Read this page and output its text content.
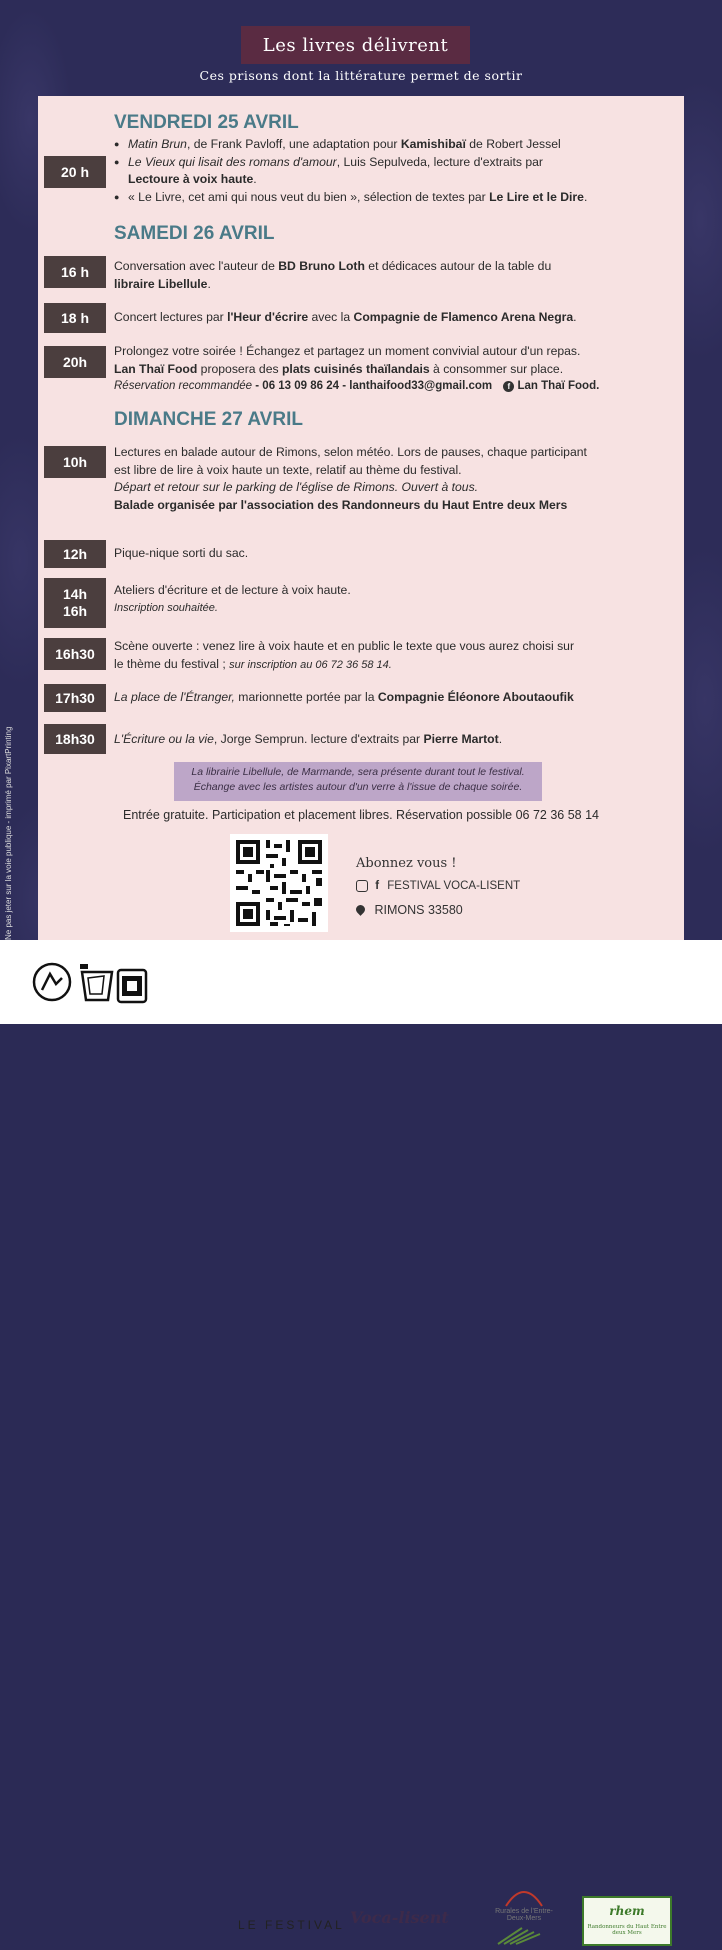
Les livres délivrent
Ces prisons dont la littérature permet de sortir
VENDREDI 25 AVRIL
20 h
● Matin Brun, de Frank Pavloff, une adaptation pour Kamishibaï de Robert Jessel
● Le Vieux qui lisait des romans d'amour, Luis Sepulveda, lecture d'extraits par
Lectoure à voix haute.
● « Le Livre, cet ami qui nous veut du bien », sélection de textes par Le Lire et le Dire.
SAMEDI 26 AVRIL
16 h Conversation avec l'auteur de BD Bruno Loth et dédicaces autour de la table du
libraire Libellule.
18 h Concert lectures par l'Heur d'écrire avec la Compagnie de Flamenco Arena Negra.
20h
Prolongez votre soirée ! Échangez et partagez un moment convivial autour d'un repas.
Lan Thaï Food proposera des plats cuisinés thaïlandais à consommer sur place.
Réservation recommandée - 06 13 09 86 24 - lanthaifood33@gmail.com f Lan Thaï Food.
DIMANCHE 27 AVRIL
10h
Lectures en balade autour de Rimons, selon météo. Lors de pauses, chaque participant
est libre de lire à voix haute un texte, relatif au thème du festival.
Départ et retour sur le parking de l'église de Rimons. Ouvert à tous.
Balade organisée par l'association des Randonneurs du Haut Entre deux Mers
12h Pique-nique sorti du sac.
14h
16h
Ateliers d'écriture et de lecture à voix haute.
Inscription souhaitée.
16h30 Scène ouverte : venez lire à voix haute et en public le texte que vous aurez choisi sur
le thème du festival ; sur inscription au 06 72 36 58 14.
17h30 La place de l'Étranger, marionnette portée par la Compagnie Éléonore Aboutaoufik
18h30 L'Écriture ou la vie, Jorge Semprun. lecture d'extraits par Pierre Martot.
La librairie Libellule, de Marmande, sera présente durant tout le festival.
Échange avec les artistes autour d'un verre à l'issue de chaque soirée.
Entrée gratuite. Participation et placement libres. Réservation possible 06 72 36 58 14
Abonnez vous !
f FESTIVAL VOCA-LISENT
RIMONS 33580
Ne pas jeter sur la voie publique - imprimé par PixartPrinting
LE FESTIVAL Voca-lisent	Rurales de l'Entre-Deux-Mers
rhem
Randonneurs du Haut Entre deux Mers
